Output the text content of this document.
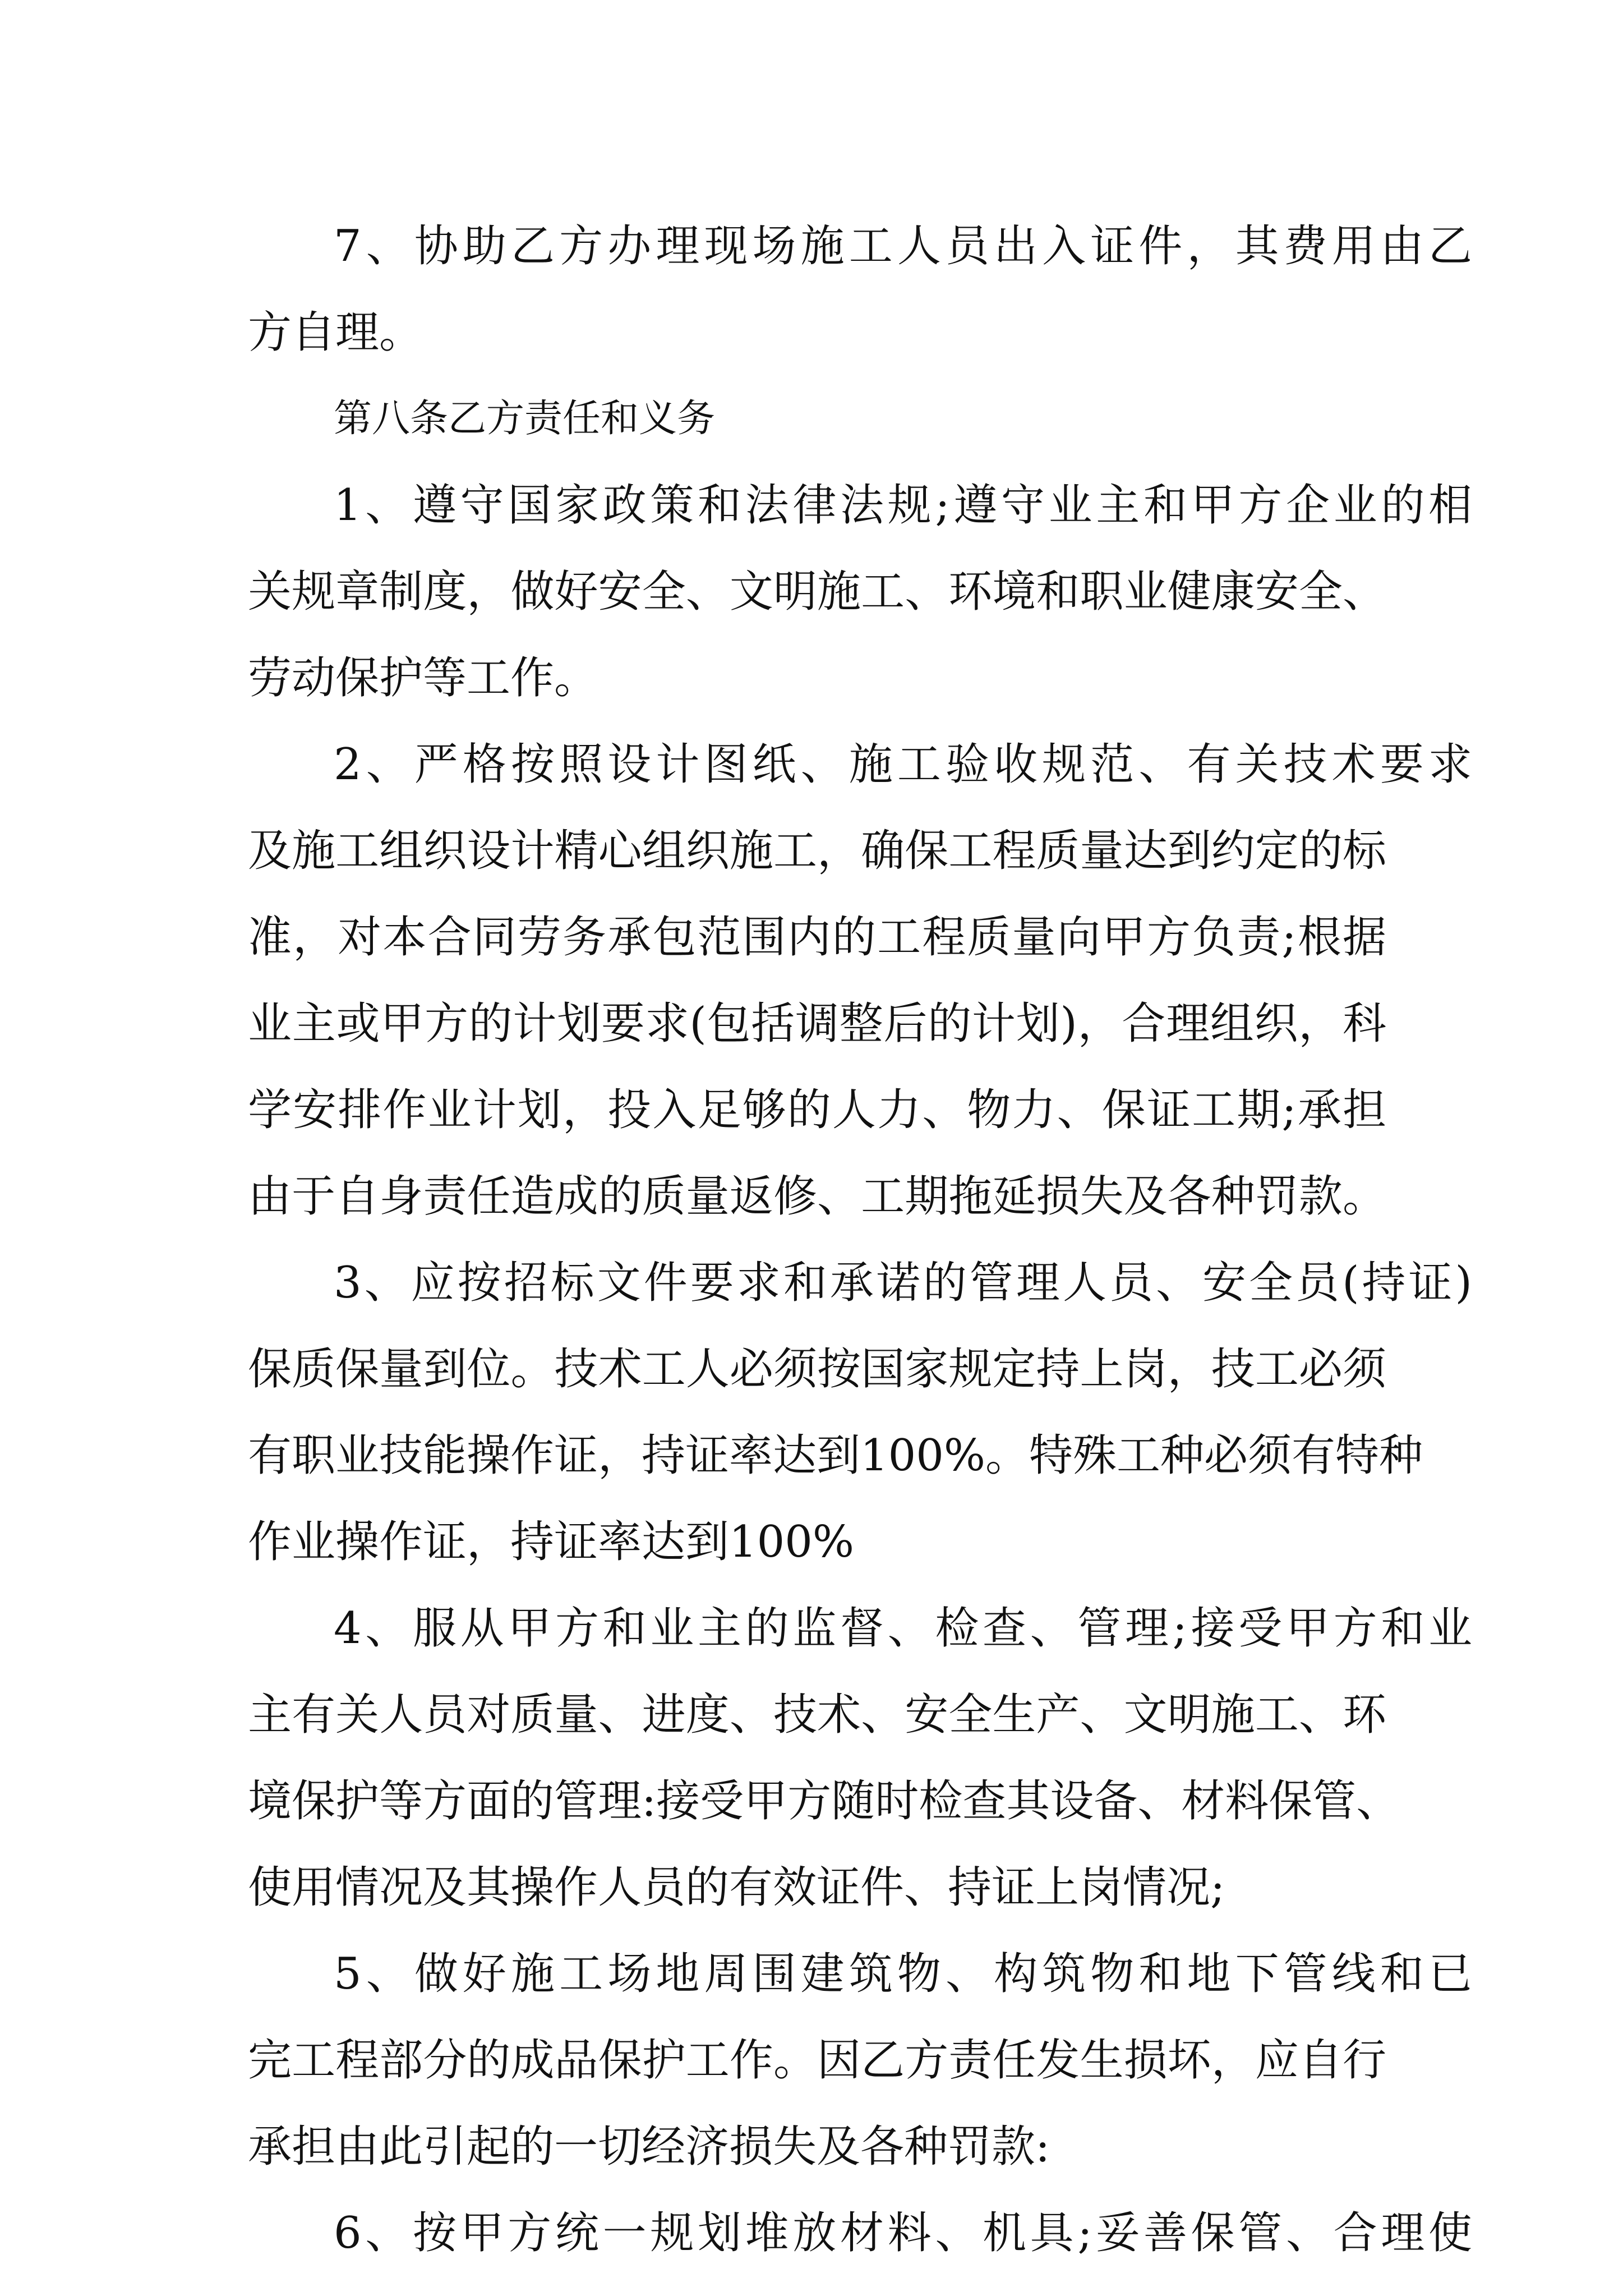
7、协助乙方办理现场施工人员出入证件，其费用由乙
方自理。
第八条乙方责任和义务
1、遵守国家政策和法律法规;遵守业主和甲方企业的相
关规章制度，做好安全、文明施工、环境和职业健康安全、
劳动保护等工作。
2、严格按照设计图纸、施工验收规范、有关技术要求
及施工组织设计精心组织施工，确保工程质量达到约定的标
准，对本合同劳务承包范围内的工程质量向甲方负责;根据
业主或甲方的计划要求(包括调整后的计划)，合理组织，科
学安排作业计划，投入足够的人力、物力、保证工期;承担
由于自身责任造成的质量返修、工期拖延损失及各种罚款。
3、应按招标文件要求和承诺的管理人员、安全员(持证)
保质保量到位。技术工人必须按国家规定持上岗，技工必须
有职业技能操作证，持证率达到100%。特殊工种必须有特种
作业操作证，持证率达到100%
4、服从甲方和业主的监督、检查、管理;接受甲方和业
主有关人员对质量、进度、技术、安全生产、文明施工、环
境保护等方面的管理:接受甲方随时检查其设备、材料保管、
使用情况及其操作人员的有效证件、持证上岗情况;
5、做好施工场地周围建筑物、构筑物和地下管线和已
完工程部分的成品保护工作。因乙方责任发生损坏，应自行
承担由此引起的一切经济损失及各种罚款:
6、按甲方统一规划堆放材料、机具;妥善保管、合理使
